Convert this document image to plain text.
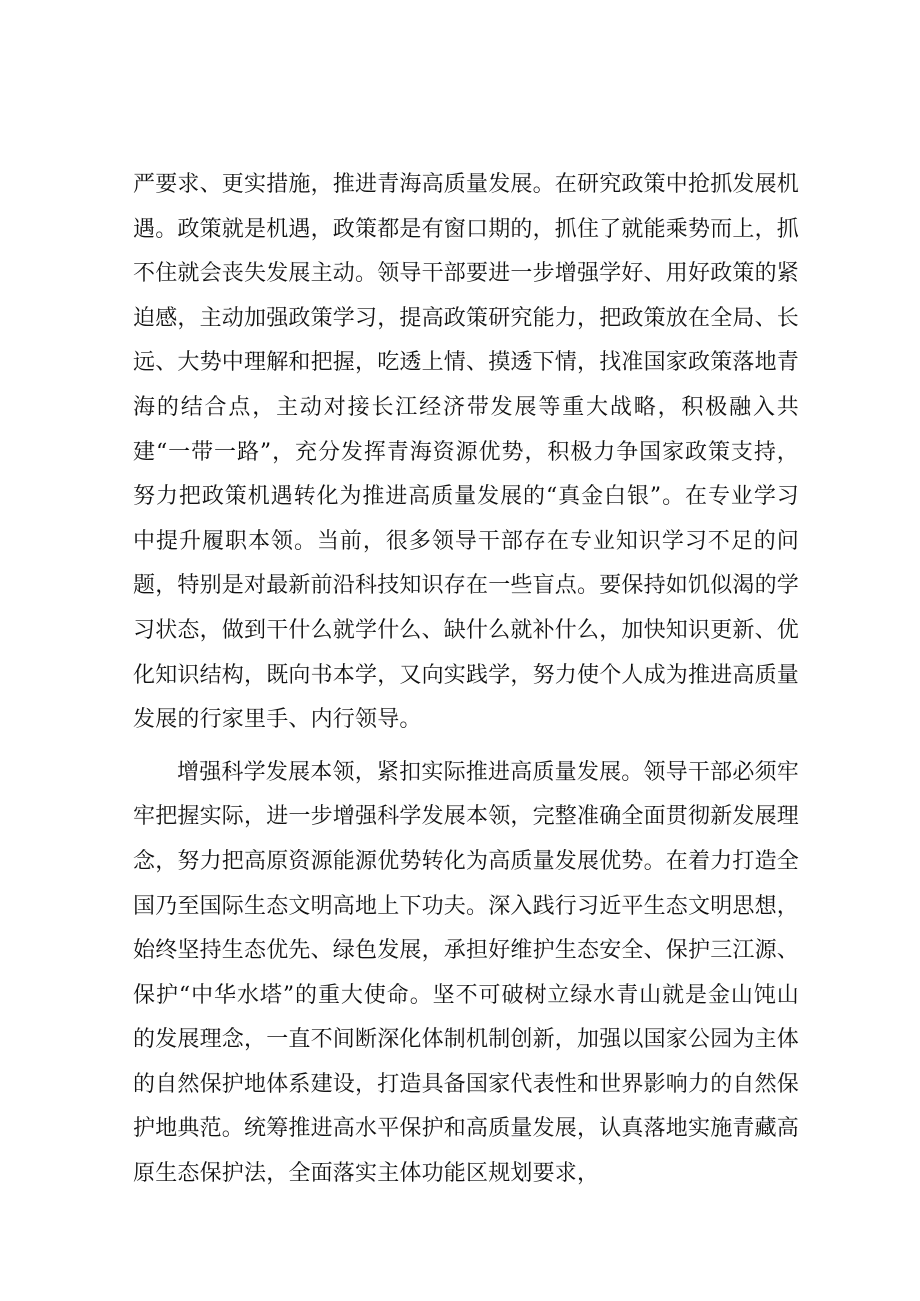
严要求、更实措施，推进青海高质量发展。在研究政策中抢抓发展机遇。政策就是机遇，政策都是有窗口期的，抓住了就能乘势而上，抓不住就会丧失发展主动。领导干部要进一步增强学好、用好政策的紧迫感，主动加强政策学习，提高政策研究能力，把政策放在全局、长远、大势中理解和把握，吃透上情、摸透下情，找准国家政策落地青海的结合点，主动对接长江经济带发展等重大战略，积极融入共建“一带一路”，充分发挥青海资源优势，积极力争国家政策支持，努力把政策机遇转化为推进高质量发展的“真金白银”。在专业学习中提升履职本领。当前，很多领导干部存在专业知识学习不足的问题，特别是对最新前沿科技知识存在一些盲点。要保持如饥似渴的学习状态，做到干什么就学什么、缺什么就补什么，加快知识更新、优化知识结构，既向书本学，又向实践学，努力使个人成为推进高质量发展的行家里手、内行领导。

增强科学发展本领，紧扣实际推进高质量发展。领导干部必须牢牢把握实际，进一步增强科学发展本领，完整准确全面贯彻新发展理念，努力把高原资源能源优势转化为高质量发展优势。在着力打造全国乃至国际生态文明高地上下功夫。深入践行习近平生态文明思想，始终坚持生态优先、绿色发展，承担好维护生态安全、保护三江源、保护“中华水塔”的重大使命。坚不可破树立绿水青山就是金山饨山的发展理念，一直不间断深化体制机制创新，加强以国家公园为主体的自然保护地体系建设，打造具备国家代表性和世界影响力的自然保护地典范。统筹推进高水平保护和高质量发展，认真落地实施青藏高原生态保护法，全面落实主体功能区规划要求，
